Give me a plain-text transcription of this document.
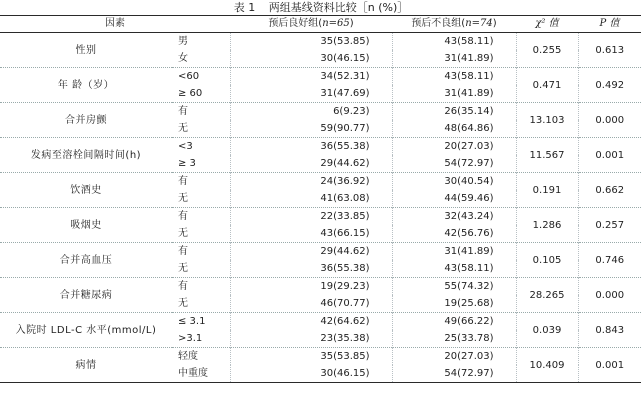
表 1 两组基线资料比较［n (%)］
因素		预后良好组(n=65)	预后不良组(n=74)	χ² 值	P 值
性别	男	35(53.85)	43(58.11)	0.255	0.613
	女	30(46.15)	31(41.89)		
年 龄（岁）	<60	34(52.31)	43(58.11)	0.471	0.492
	≥ 60	31(47.69)	31(41.89)		
合并房颤	有	6(9.23)	26(35.14)	13.103	0.000
	无	59(90.77)	48(64.86)		
发病至溶栓间隔时间(h)	<3	36(55.38)	20(27.03)	11.567	0.001
	≥ 3	29(44.62)	54(72.97)		
饮酒史	有	24(36.92)	30(40.54)	0.191	0.662
	无	41(63.08)	44(59.46)		
吸烟史	有	22(33.85)	32(43.24)	1.286	0.257
	无	43(66.15)	42(56.76)		
合并高血压	有	29(44.62)	31(41.89)	0.105	0.746
	无	36(55.38)	43(58.11)		
合并糖尿病	有	19(29.23)	55(74.32)	28.265	0.000
	无	46(70.77)	19(25.68)		
入院时 LDL-C 水平(mmol/L)	≤ 3.1	42(64.62)	49(66.22)	0.039	0.843
	>3.1	23(35.38)	25(33.78)		
病情	轻度	35(53.85)	20(27.03)	10.409	0.001
	中重度	30(46.15)	54(72.97)		
